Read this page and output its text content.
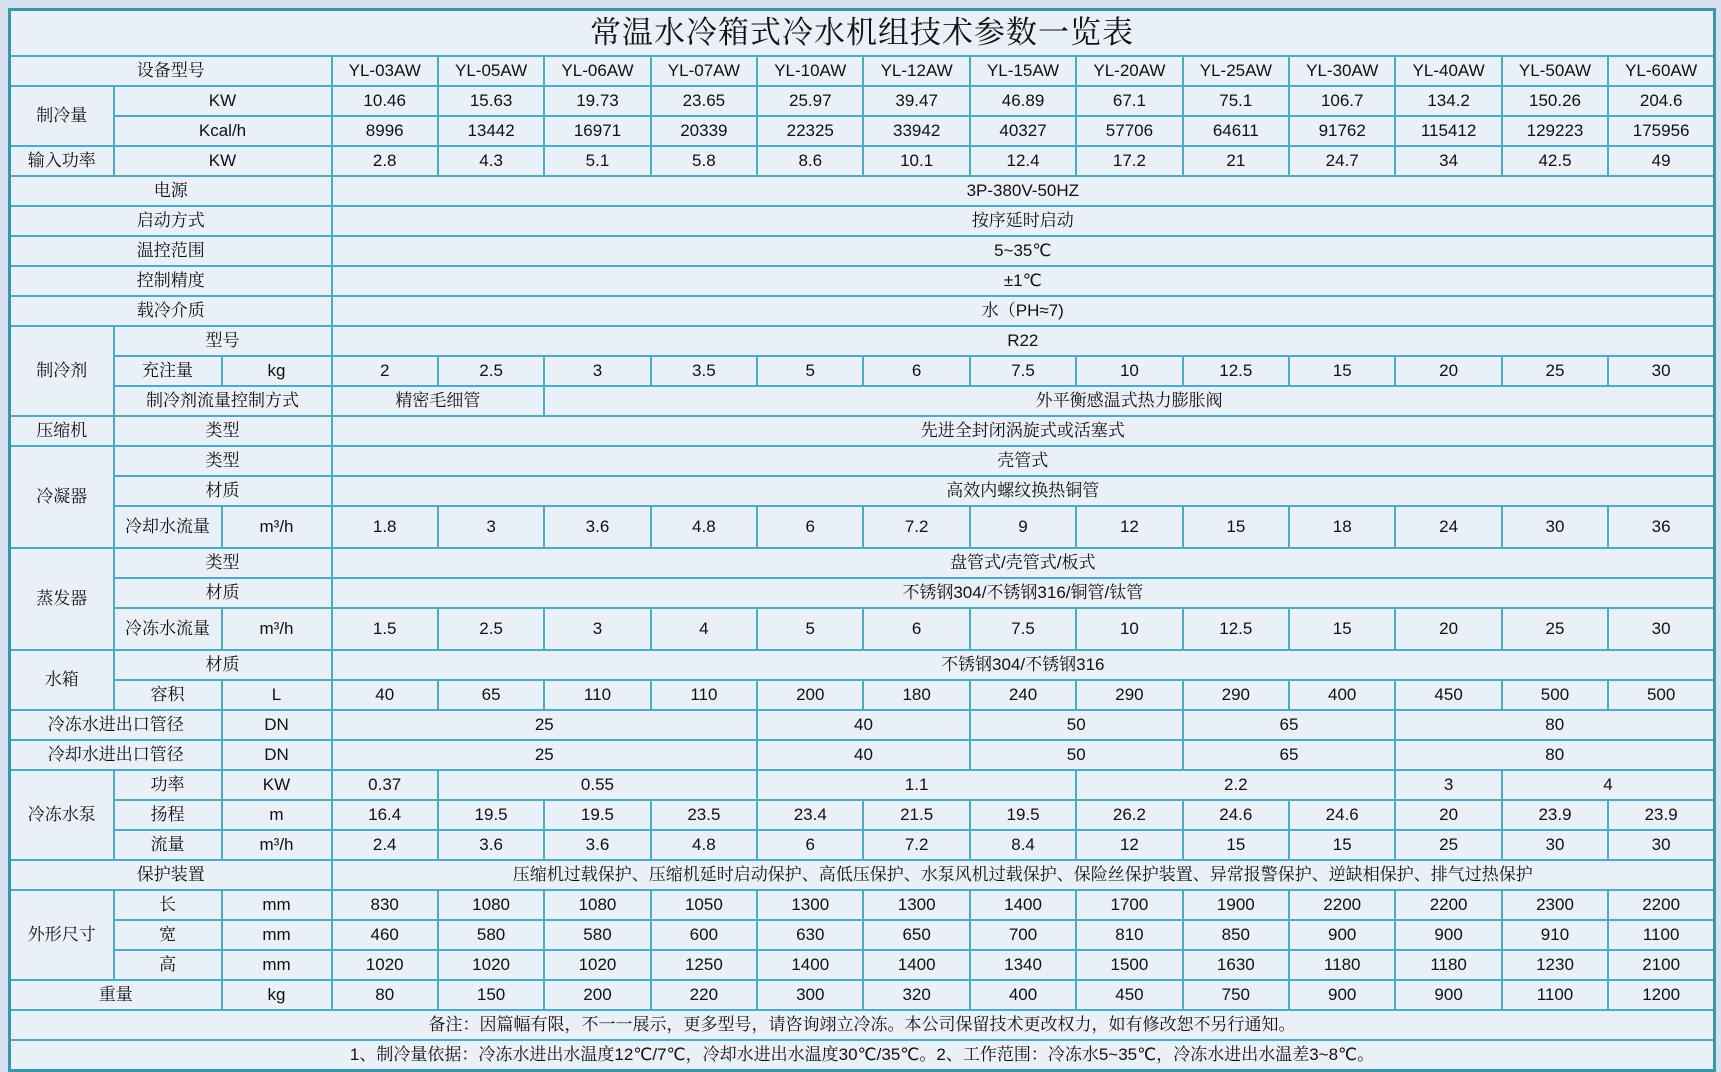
常温水冷箱式冷水机组技术参数一览表															
设备型号			YL-03AW	YL-05AW	YL-06AW	YL-07AW	YL-10AW	YL-12AW	YL-15AW	YL-20AW	YL-25AW	YL-30AW	YL-40AW	YL-50AW	YL-60AW
制冷量	KW		10.46	15.63	19.73	23.65	25.97	39.47	46.89	67.1	75.1	106.7	134.2	150.26	204.6
	Kcal/h		8996	13442	16971	20339	22325	33942	40327	57706	64611	91762	115412	129223	175956
输入功率	KW		2.8	4.3	5.1	5.8	8.6	10.1	12.4	17.2	21	24.7	34	42.5	49
电源			3P-380V-50HZ												
启动方式			按序延时启动												
温控范围			5~35℃												
控制精度			±1℃												
载冷介质			水（PH≈7)												
制冷剂	型号		R22												
	充注量	kg	2	2.5	3	3.5	5	6	7.5	10	12.5	15	20	25	30
	制冷剂流量控制方式		精密毛细管		外平衡感温式热力膨胀阀										
压缩机	类型		先进全封闭涡旋式或活塞式												
冷凝器	类型		壳管式												
	材质		高效内螺纹换热铜管												
	冷却水流量	m³/h	1.8	3	3.6	4.8	6	7.2	9	12	15	18	24	30	36
蒸发器	类型		盘管式/壳管式/板式												
	材质		不锈钢304/不锈钢316/铜管/钛管												
	冷冻水流量	m³/h	1.5	2.5	3	4	5	6	7.5	10	12.5	15	20	25	30
水箱	材质		不锈钢304/不锈钢316												
	容积	L	40	65	110	110	200	180	240	290	290	400	450	500	500
冷冻水进出口管径		DN	25				40		50		65		80		
冷却水进出口管径		DN	25				40		50		65		80		
冷冻水泵	功率	KW	0.37	0.55			1.1			2.2			3	4	
	扬程	m	16.4	19.5	19.5	23.5	23.4	21.5	19.5	26.2	24.6	24.6	20	23.9	23.9
	流量	m³/h	2.4	3.6	3.6	4.8	6	7.2	8.4	12	15	15	25	30	30
保护装置			压缩机过载保护、压缩机延时启动保护、高低压保护、水泵风机过载保护、保险丝保护装置、异常报警保护、逆缺相保护、排气过热保护												
外形尺寸	长	mm	830	1080	1080	1050	1300	1300	1400	1700	1900	2200	2200	2300	2200
	宽	mm	460	580	580	600	630	650	700	810	850	900	900	910	1100
	高	mm	1020	1020	1020	1250	1400	1400	1340	1500	1630	1180	1180	1230	2100
重量		kg	80	150	200	220	300	320	400	450	750	900	900	1100	1200
备注：因篇幅有限，不一一展示，更多型号，请咨询翊立冷冻。本公司保留技术更改权力，如有修改恕不另行通知。															
1、制冷量依据：冷冻水进出水温度12℃/7℃，冷却水进出水温度30℃/35℃。2、工作范围：冷冻水5~35℃，冷冻水进出水温差3~8℃。															
